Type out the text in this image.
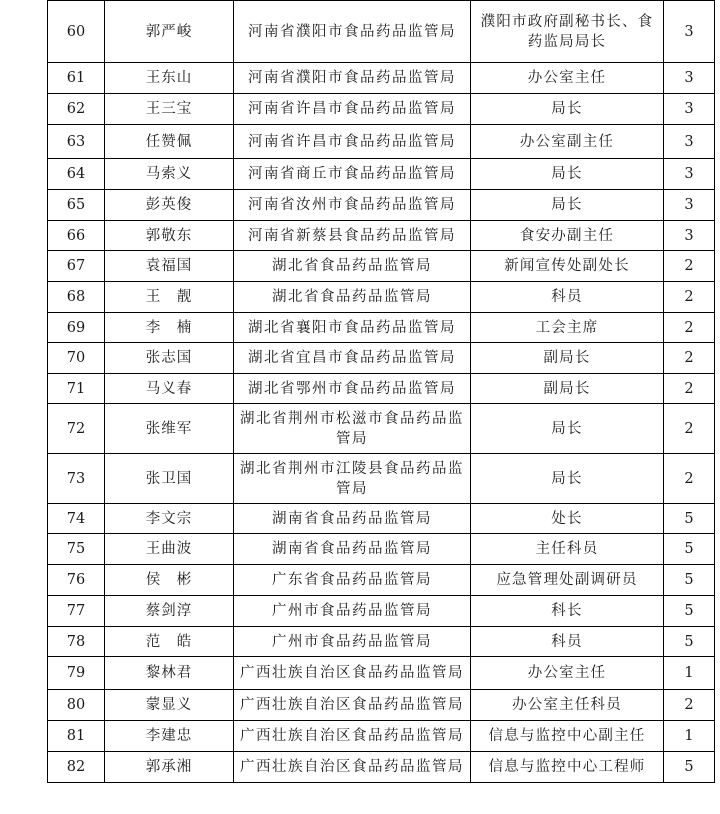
60	郭严峻	河南省濮阳市食品药品监管局	濮阳市政府副秘书长、食药监局局长	3
61	王东山	河南省濮阳市食品药品监管局	办公室主任	3
62	王三宝	河南省许昌市食品药品监管局	局长	3
63	任赞佩	河南省许昌市食品药品监管局	办公室副主任	3
64	马索义	河南省商丘市食品药品监管局	局长	3
65	彭英俊	河南省汝州市食品药品监管局	局长	3
66	郭敬东	河南省新蔡县食品药品监管局	食安办副主任	3
67	袁福国	湖北省食品药品监管局	新闻宣传处副处长	2
68	王　靓	湖北省食品药品监管局	科员	2
69	李　楠	湖北省襄阳市食品药品监管局	工会主席	2
70	张志国	湖北省宜昌市食品药品监管局	副局长	2
71	马义春	湖北省鄂州市食品药品监管局	副局长	2
72	张维军	湖北省荆州市松滋市食品药品监管局	局长	2
73	张卫国	湖北省荆州市江陵县食品药品监管局	局长	2
74	李文宗	湖南省食品药品监管局	处长	5
75	王曲波	湖南省食品药品监管局	主任科员	5
76	侯　彬	广东省食品药品监管局	应急管理处副调研员	5
77	蔡剑淳	广州市食品药品监管局	科长	5
78	范　皓	广州市食品药品监管局	科员	5
79	黎林君	广西壮族自治区食品药品监管局	办公室主任	1
80	蒙显义	广西壮族自治区食品药品监管局	办公室主任科员	2
81	李建忠	广西壮族自治区食品药品监管局	信息与监控中心副主任	1
82	郭承湘	广西壮族自治区食品药品监管局	信息与监控中心工程师	5
